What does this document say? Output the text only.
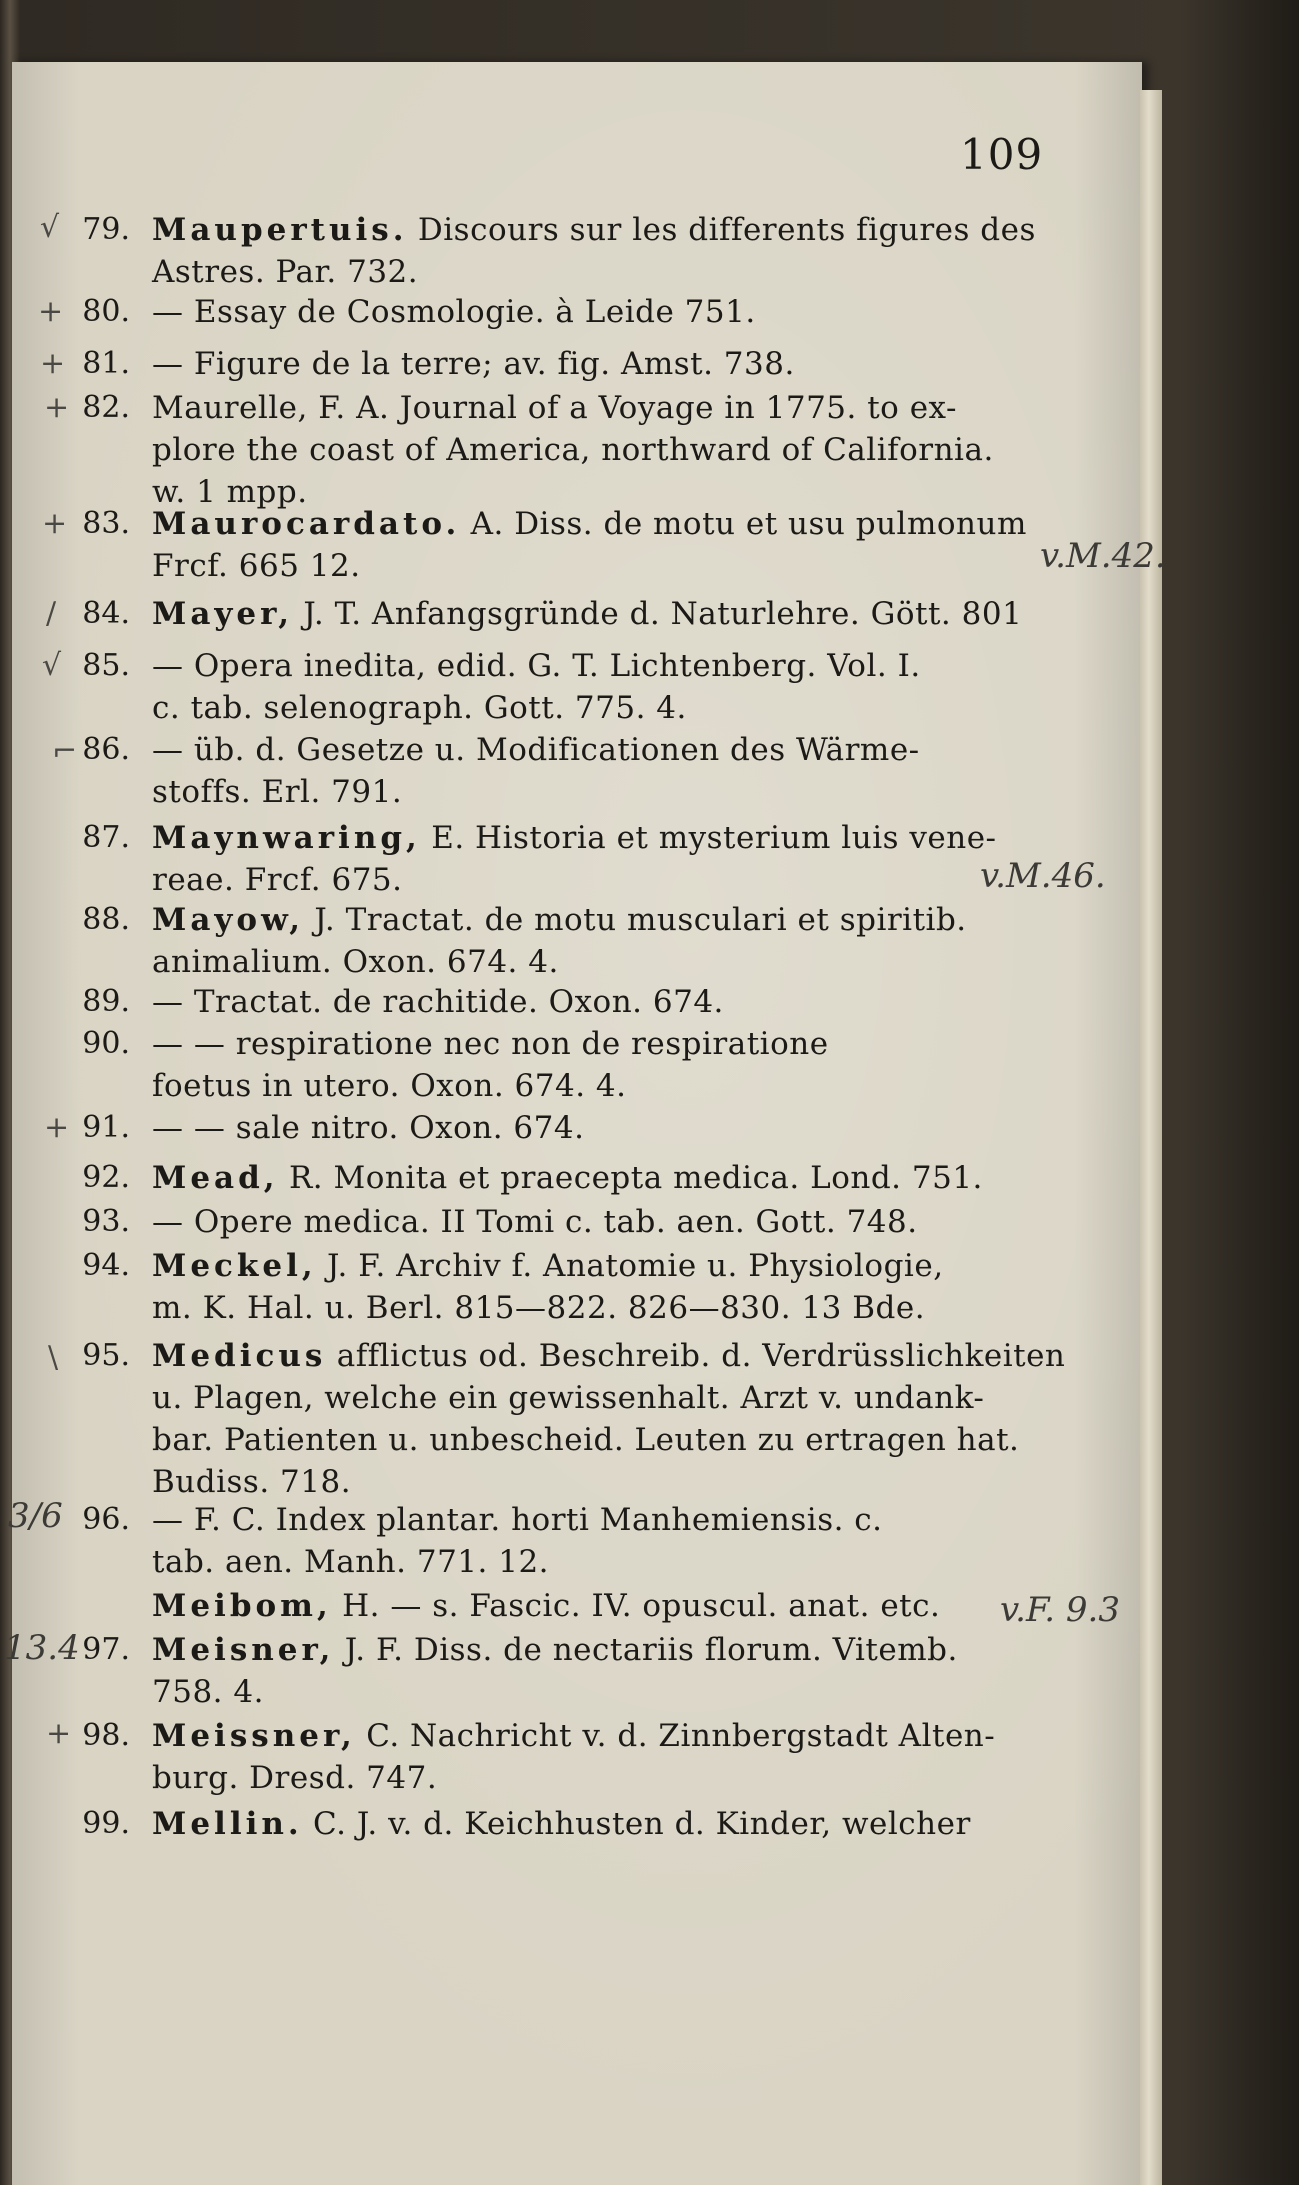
109
79. Maupertuis. Discours sur les differents figures des
Astres. Par. 732.
80. — Essay de Cosmologie. à Leide 751.
81. — Figure de la terre; av. fig. Amst. 738.
82. Maurelle, F. A. Journal of a Voyage in 1775. to ex-
plore the coast of America, northward of California.
w. 1 mpp.
83. Maurocardato. A. Diss. de motu et usu pulmonum
Frcf. 665 12.
84. Mayer, J. T. Anfangsgründe d. Naturlehre. Gött. 801
85. — Opera inedita, edid. G. T. Lichtenberg. Vol. I.
c. tab. selenograph. Gott. 775. 4.
86. — üb. d. Gesetze u. Modificationen des Wärme-
stoffs. Erl. 791.
87. Maynwaring, E. Historia et mysterium luis vene-
reae. Frcf. 675.
88. Mayow, J. Tractat. de motu musculari et spiritib.
animalium. Oxon. 674. 4.
89. — Tractat. de rachitide. Oxon. 674.
90. — — respiratione nec non de respiratione
foetus in utero. Oxon. 674. 4.
91. — — sale nitro. Oxon. 674.
92. Mead, R. Monita et praecepta medica. Lond. 751.
93. — Opere medica. II Tomi c. tab. aen. Gott. 748.
94. Meckel, J. F. Archiv f. Anatomie u. Physiologie,
m. K. Hal. u. Berl. 815—822. 826—830. 13 Bde.
95. Medicus afflictus od. Beschreib. d. Verdrüsslichkeiten
u. Plagen, welche ein gewissenhalt. Arzt v. undank-
bar. Patienten u. unbescheid. Leuten zu ertragen hat.
Budiss. 718.
96. — F. C. Index plantar. horti Manhemiensis. c.
tab. aen. Manh. 771. 12.
Meibom, H. — s. Fascic. IV. opuscul. anat. etc.
97. Meisner, J. F. Diss. de nectariis florum. Vitemb.
758. 4.
98. Meissner, C. Nachricht v. d. Zinnbergstadt Alten-
burg. Dresd. 747.
99. Mellin. C. J. v. d. Keichhusten d. Kinder, welcher
√
+
+
+
+
/
√
⌐
+
\
+
v.M.42.
v.M.46.
3/6
v.F. 9.3
13.4
